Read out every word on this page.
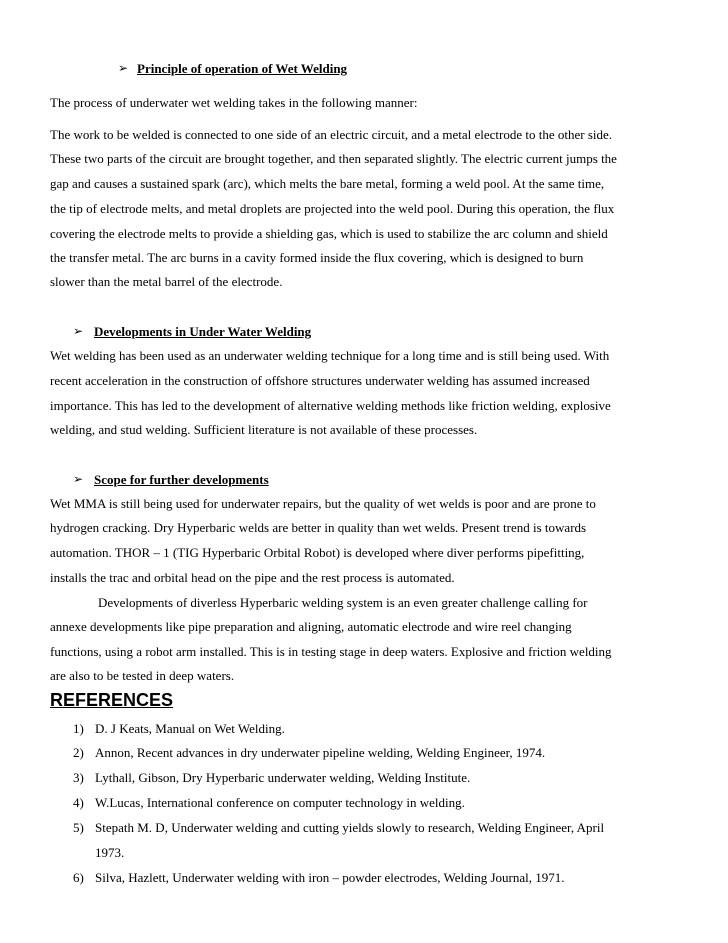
➢ Principle of operation of Wet Welding
The process of underwater wet welding takes in the following manner:
The work to be welded is connected to one side of an electric circuit, and a metal electrode to the other side.
These two parts of the circuit are brought together, and then separated slightly. The electric current jumps the
gap and causes a sustained spark (arc), which melts the bare metal, forming a weld pool. At the same time,
the tip of electrode melts, and metal droplets are projected into the weld pool. During this operation, the flux
covering the electrode melts to provide a shielding gas, which is used to stabilize the arc column and shield
the transfer metal. The arc burns in a cavity formed inside the flux covering, which is designed to burn
slower than the metal barrel of the electrode.
➢ Developments in Under Water Welding
Wet welding has been used as an underwater welding technique for a long time and is still being used. With
recent acceleration in the construction of offshore structures underwater welding has assumed increased
importance. This has led to the development of alternative welding methods like friction welding, explosive
welding, and stud welding. Sufficient literature is not available of these processes.
➢ Scope for further developments
Wet MMA is still being used for underwater repairs, but the quality of wet welds is poor and are prone to
hydrogen cracking. Dry Hyperbaric welds are better in quality than wet welds. Present trend is towards
automation. THOR – 1 (TIG Hyperbaric Orbital Robot) is developed where diver performs pipefitting,
installs the trac and orbital head on the pipe and the rest process is automated.
Developments of diverless Hyperbaric welding system is an even greater challenge calling for
annexe developments like pipe preparation and aligning, automatic electrode and wire reel changing
functions, using a robot arm installed. This is in testing stage in deep waters. Explosive and friction welding
are also to be tested in deep waters.
REFERENCES
1) D. J Keats, Manual on Wet Welding.
2) Annon, Recent advances in dry underwater pipeline welding, Welding Engineer, 1974.
3) Lythall, Gibson, Dry Hyperbaric underwater welding, Welding Institute.
4) W.Lucas, International conference on computer technology in welding.
5) Stepath M. D, Underwater welding and cutting yields slowly to research, Welding Engineer, April
1973.
6) Silva, Hazlett, Underwater welding with iron – powder electrodes, Welding Journal, 1971.
